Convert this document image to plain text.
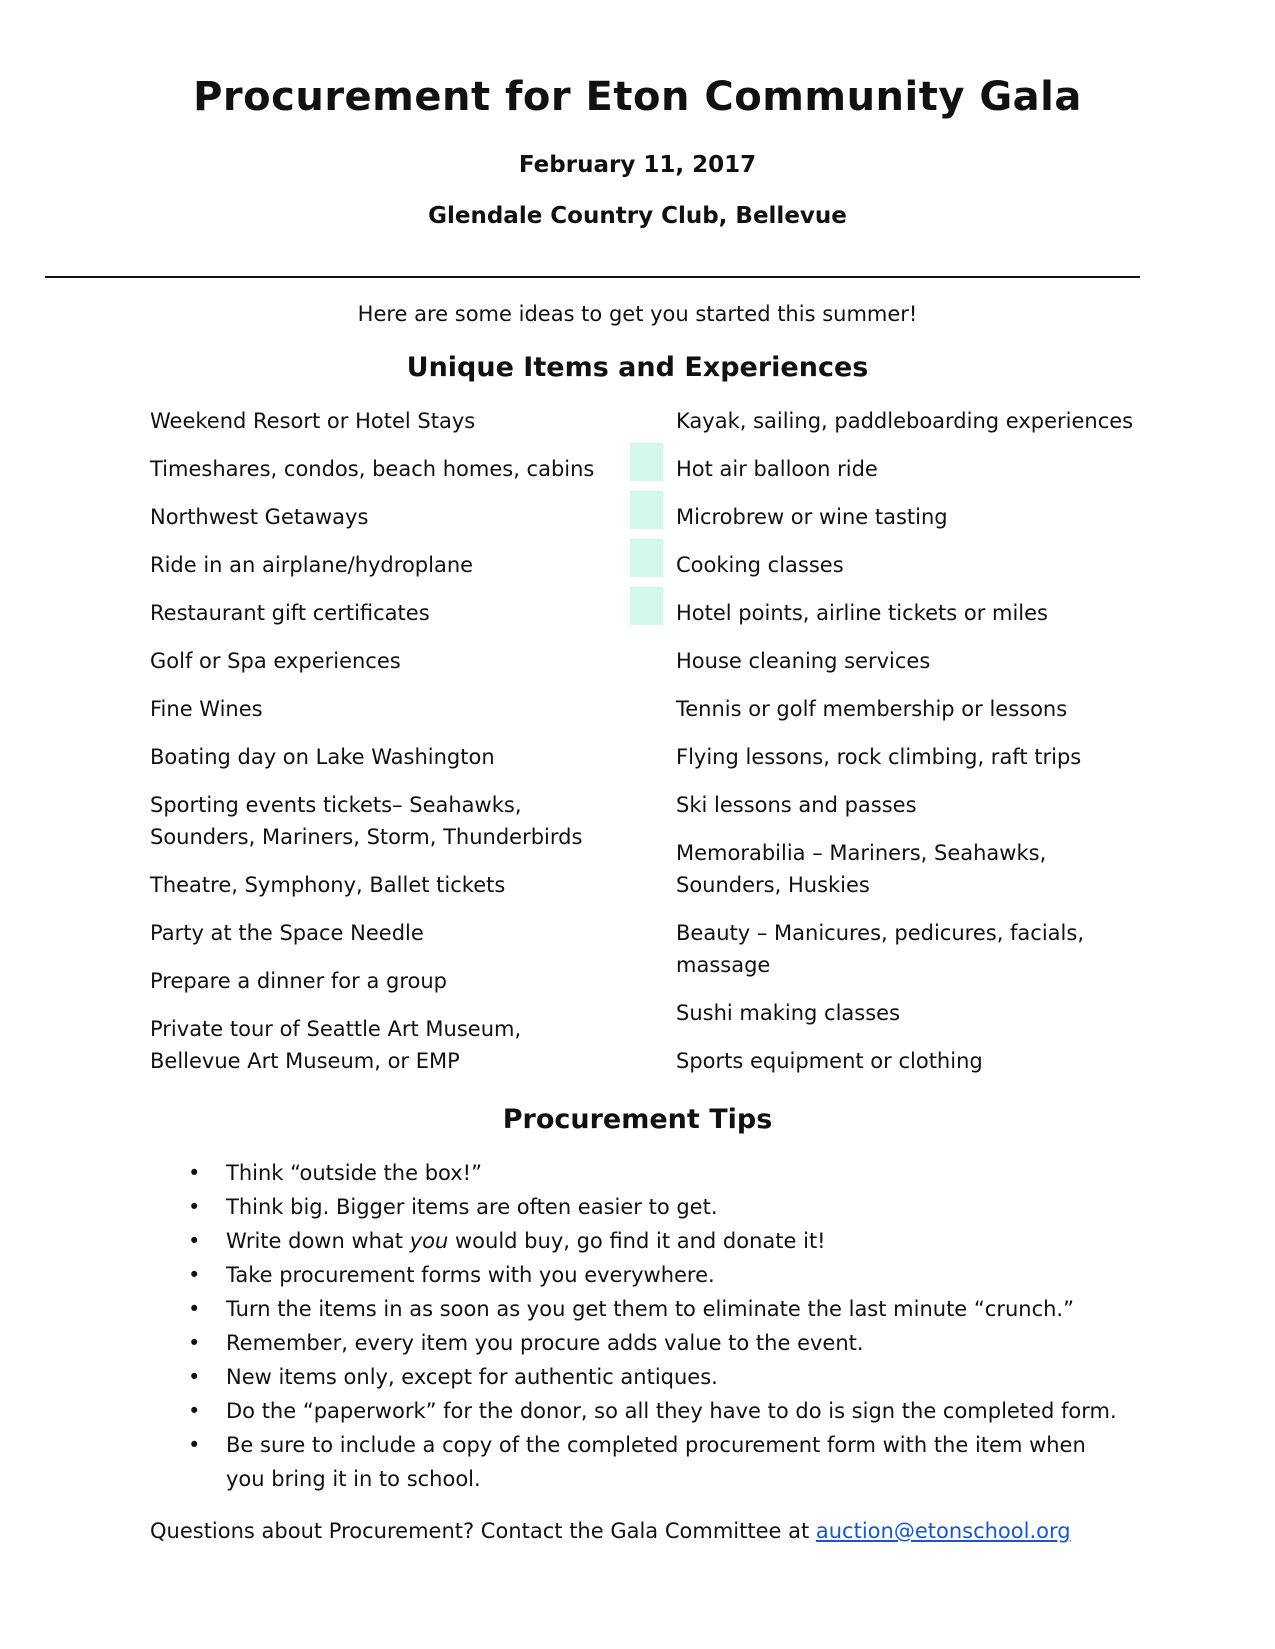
Procurement for Eton Community Gala
February 11, 2017
Glendale Country Club, Bellevue
Here are some ideas to get you started this summer!
Unique Items and Experiences
Weekend Resort or Hotel Stays
Timeshares, condos, beach homes, cabins
Northwest Getaways
Ride in an airplane/hydroplane
Restaurant gift certificates
Golf or Spa experiences
Fine Wines
Boating day on Lake Washington
Sporting events tickets– Seahawks, Sounders, Mariners, Storm, Thunderbirds
Theatre, Symphony, Ballet tickets
Party at the Space Needle
Prepare a dinner for a group
Private tour of Seattle Art Museum, Bellevue Art Museum, or EMP
Kayak, sailing, paddleboarding experiences
Hot air balloon ride
Microbrew or wine tasting
Cooking classes
Hotel points, airline tickets or miles
House cleaning services
Tennis or golf membership or lessons
Flying lessons, rock climbing, raft trips
Ski lessons and passes
Memorabilia – Mariners, Seahawks, Sounders, Huskies
Beauty – Manicures, pedicures, facials, massage
Sushi making classes
Sports equipment or clothing
Procurement Tips
•	Think “outside the box!”
•	Think big. Bigger items are often easier to get.
•	Write down what you would buy, go find it and donate it!
•	Take procurement forms with you everywhere.
•	Turn the items in as soon as you get them to eliminate the last minute “crunch.”
•	Remember, every item you procure adds value to the event.
•	New items only, except for authentic antiques.
•	Do the “paperwork” for the donor, so all they have to do is sign the completed form.
•	Be sure to include a copy of the completed procurement form with the item when you bring it in to school.
Questions about Procurement? Contact the Gala Committee at auction@etonschool.org
